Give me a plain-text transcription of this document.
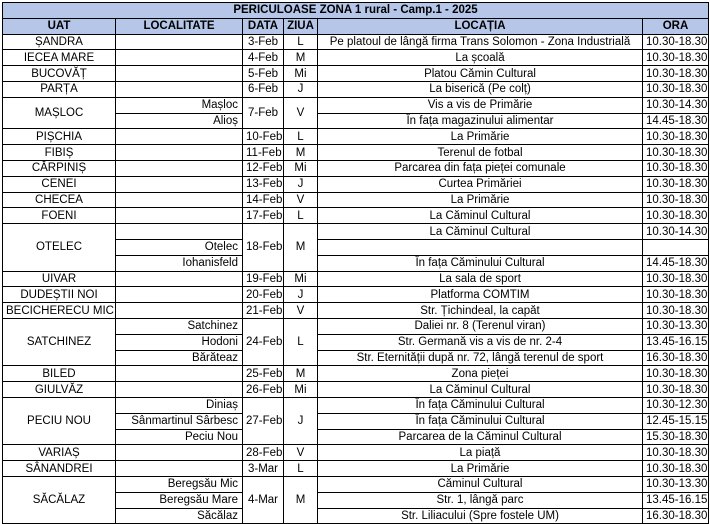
PERICULOASE ZONA 1 rural - Camp.1 - 2025					
UAT	LOCALITATE	DATA	ZIUA	LOCAȚIA	ORA
ȘANDRA		3-Feb	L	Pe platoul de lângă firma Trans Solomon - Zona Industrială	10.30-18.30
IECEA MARE		4-Feb	M	La școală	10.30-18.30
BUCOVĂȚ		5-Feb	Mi	Platou Cămin Cultural	10.30-18.30
PARȚA		6-Feb	J	La biserică (Pe colț)	10.30-18.30
MAȘLOC	Mașloc	7-Feb	V	Vis a vis de Primărie	10.30-14.30
	Alioș			În fața magazinului alimentar	14.45-18.30
PIȘCHIA		10-Feb	L	La Primărie	10.30-18.30
FIBIȘ		11-Feb	M	Terenul de fotbal	10.30-18.30
CĂRPINIȘ		12-Feb	Mi	Parcarea din fața pieței comunale	10.30-18.30
CENEI		13-Feb	J	Curtea Primăriei	10.30-18.30
CHECEA		14-Feb	V	La Primărie	10.30-18.30
FOENI		17-Feb	L	La Căminul Cultural	10.30-18.30
OTELEC		18-Feb	M	La Căminul Cultural	10.30-14.30
	Otelec				
	Iohanisfeld			În fața Căminului Cultural	14.45-18.30
UIVAR		19-Feb	Mi	La sala de sport	10.30-18.30
DUDEȘTII NOI		20-Feb	J	Platforma COMTIM	10.30-18.30
BECICHERECU MIC		21-Feb	V	Str. Țichindeal, la capăt	10.30-18.30
SATCHINEZ	Satchinez	24-Feb	L	Daliei nr. 8 (Terenul viran)	10.30-13.30
	Hodoni			Str. Germană vis a vis de nr. 2-4	13.45-16.15
	Bărăteaz			Str. Eternității după nr. 72, lângă terenul de sport	16.30-18.30
BILED		25-Feb	M	Zona pieței	10.30-18.30
GIULVĂZ		26-Feb	Mi	La Căminul Cultural	10.30-18.30
PECIU NOU	Diniaș	27-Feb	J	În fața Căminului Cultural	10.30-12.30
	Sânmartinul Sârbesc			În fața Căminului Cultural	12.45-15.15
	Peciu Nou			Parcarea de la Căminul Cultural	15.30-18.30
VARIAȘ		28-Feb	V	La piață	10.30-18.30
SÂNANDREI		3-Mar	L	La Primărie	10.30-18.30
SĂCĂLAZ	Beregsău Mic	4-Mar	M	Căminul Cultural	10.30-13.30
	Beregsău Mare			Str. 1, lângă parc	13.45-16.15
	Săcălaz			Str. Liliacului (Spre fostele UM)	16.30-18.30
